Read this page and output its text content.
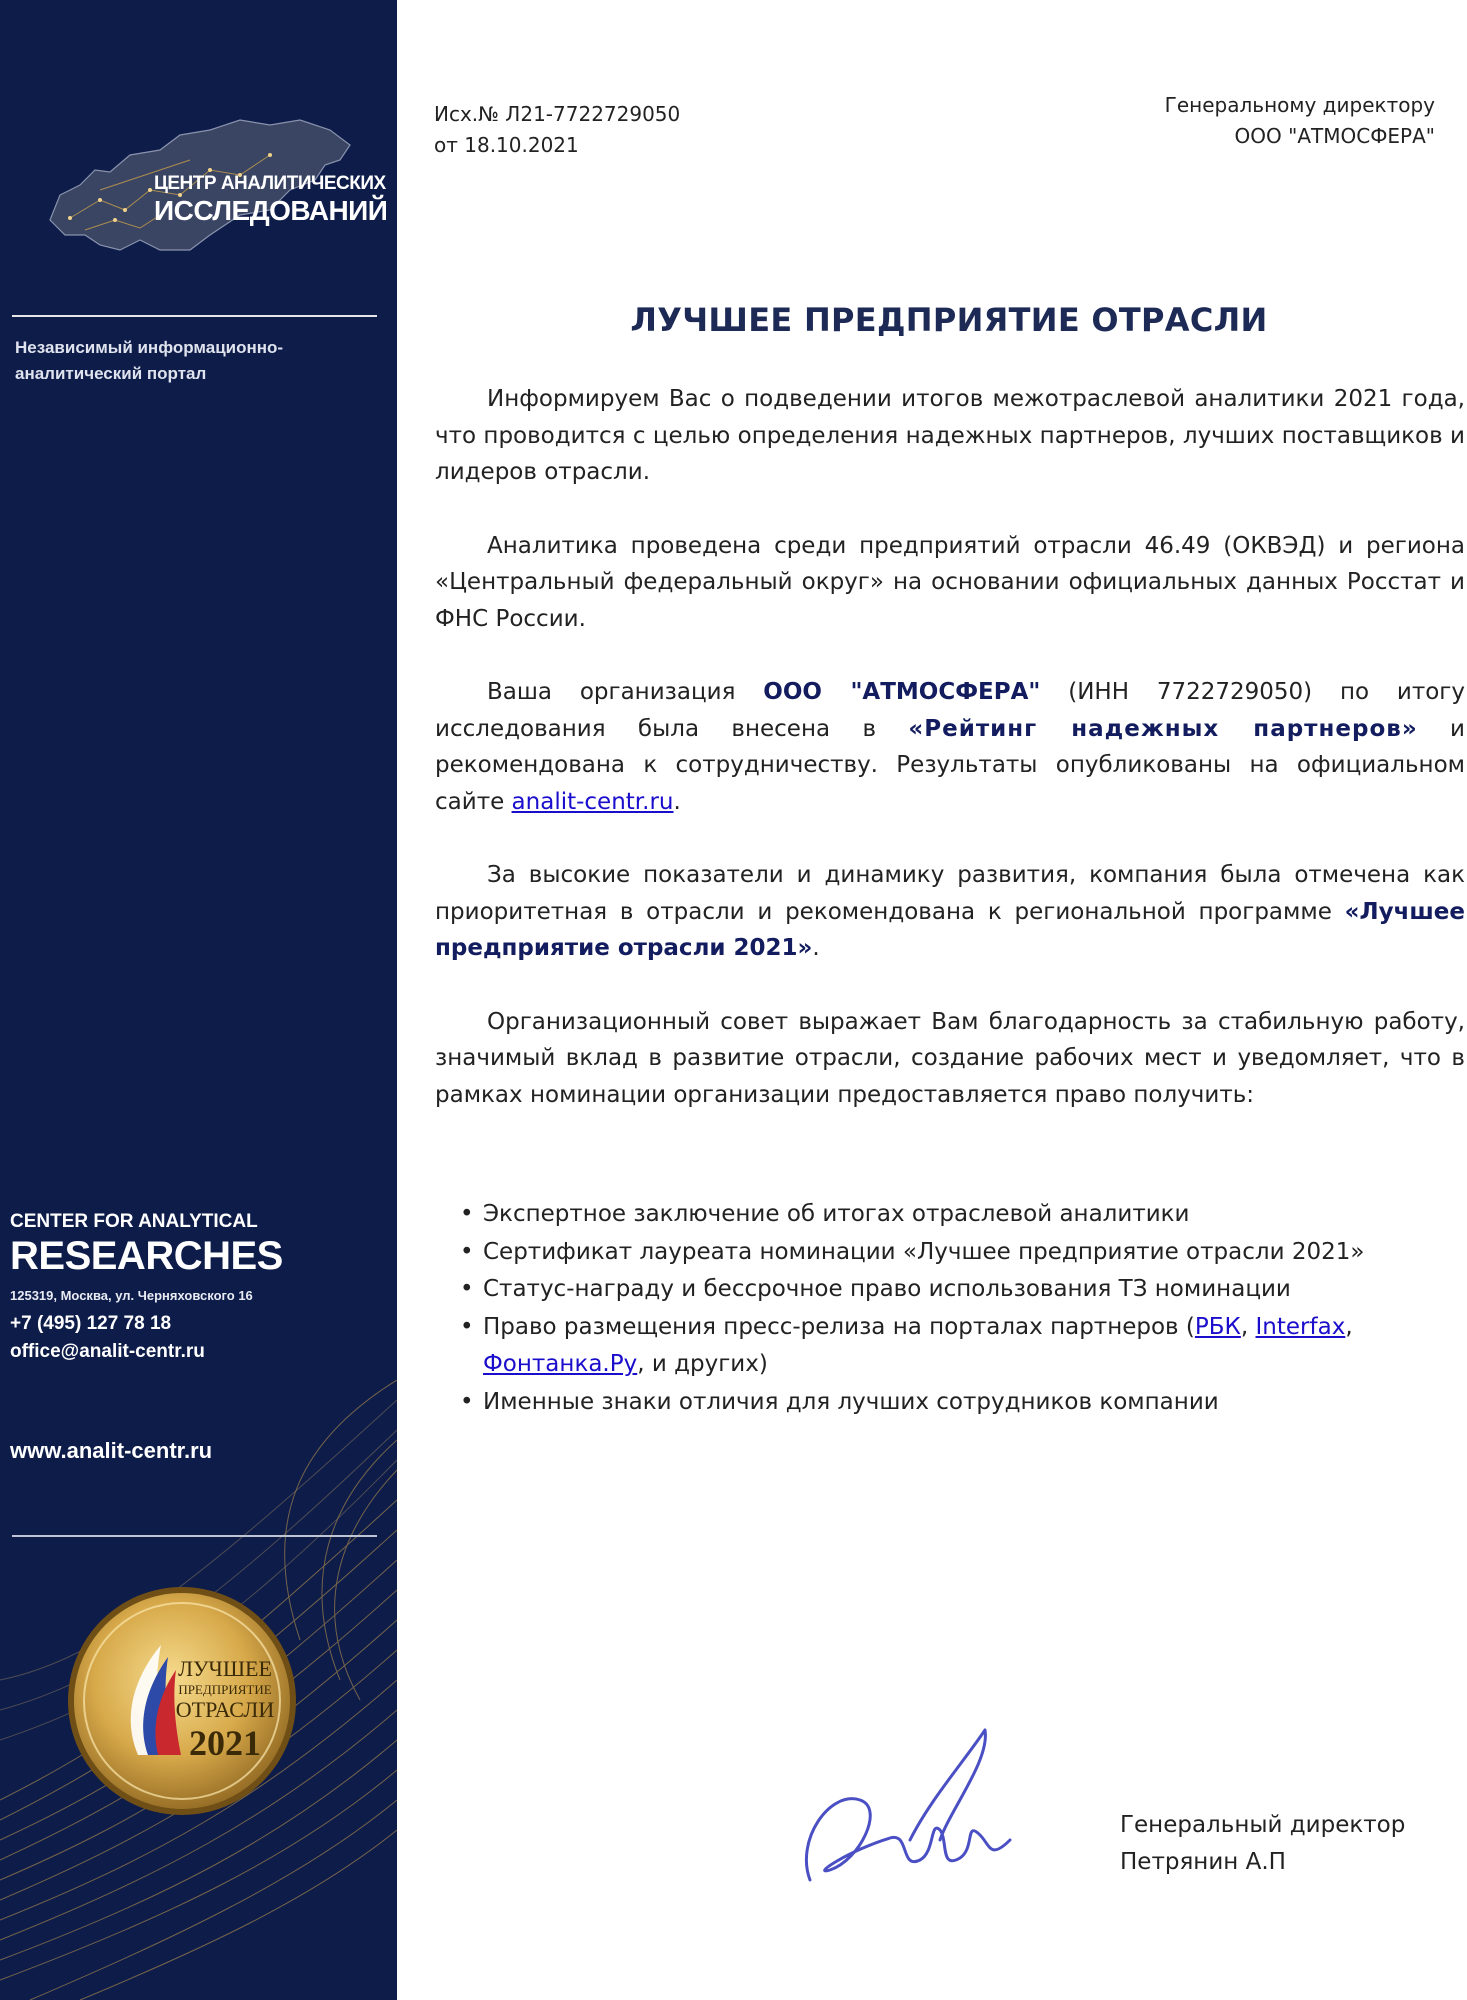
ЦЕНТР АНАЛИТИЧЕСКИХ
ИССЛЕДОВАНИЙ
Независимый информационно-
аналитический портал
CENTER FOR ANALYTICAL
RESEARCHES
125319, Москва, ул. Черняховского 16
+7 (495) 127 78 18
office@analit-centr.ru
www.analit-centr.ru
ЛУЧШЕЕ
ПРЕДПРИЯТИЕ
ОТРАСЛИ
2021
Исх.№ Л21-7722729050
от 18.10.2021
Генеральному директору
ООО "АТМОСФЕРА"
ЛУЧШЕЕ ПРЕДПРИЯТИЕ ОТРАСЛИ

Информируем Вас о подведении итогов межотраслевой аналитики 2021 года, что проводится с целью определения надежных партнеров, лучших поставщиков и лидеров отрасли.

Аналитика проведена среди предприятий отрасли 46.49 (ОКВЭД) и региона «Центральный федеральный округ» на основании официальных данных Росстат и ФНС России.

Ваша организация ООО "АТМОСФЕРА" (ИНН 7722729050) по итогу исследования была внесена в «Рейтинг надежных партнеров» и рекомендована к сотрудничеству. Результаты опубликованы на официальном сайте analit-centr.ru.

За высокие показатели и динамику развития, компания была отмечена как приоритетная в отрасли и рекомендована к региональной программе «Лучшее предприятие отрасли 2021».

Организационный совет выражает Вам благодарность за стабильную работу, значимый вклад в развитие отрасли, создание рабочих мест и уведомляет, что в рамках номинации организации предоставляется право получить:

• Экспертное заключение об итогах отраслевой аналитики
• Сертификат лауреата номинации «Лучшее предприятие отрасли 2021»
• Статус-награду и бессрочное право использования ТЗ номинации
• Право размещения пресс-релиза на порталах партнеров (РБК, Interfax,
Фонтанка.Ру, и других)
• Именные знаки отличия для лучших сотрудников компании
Генеральный директор
Петрянин А.П
